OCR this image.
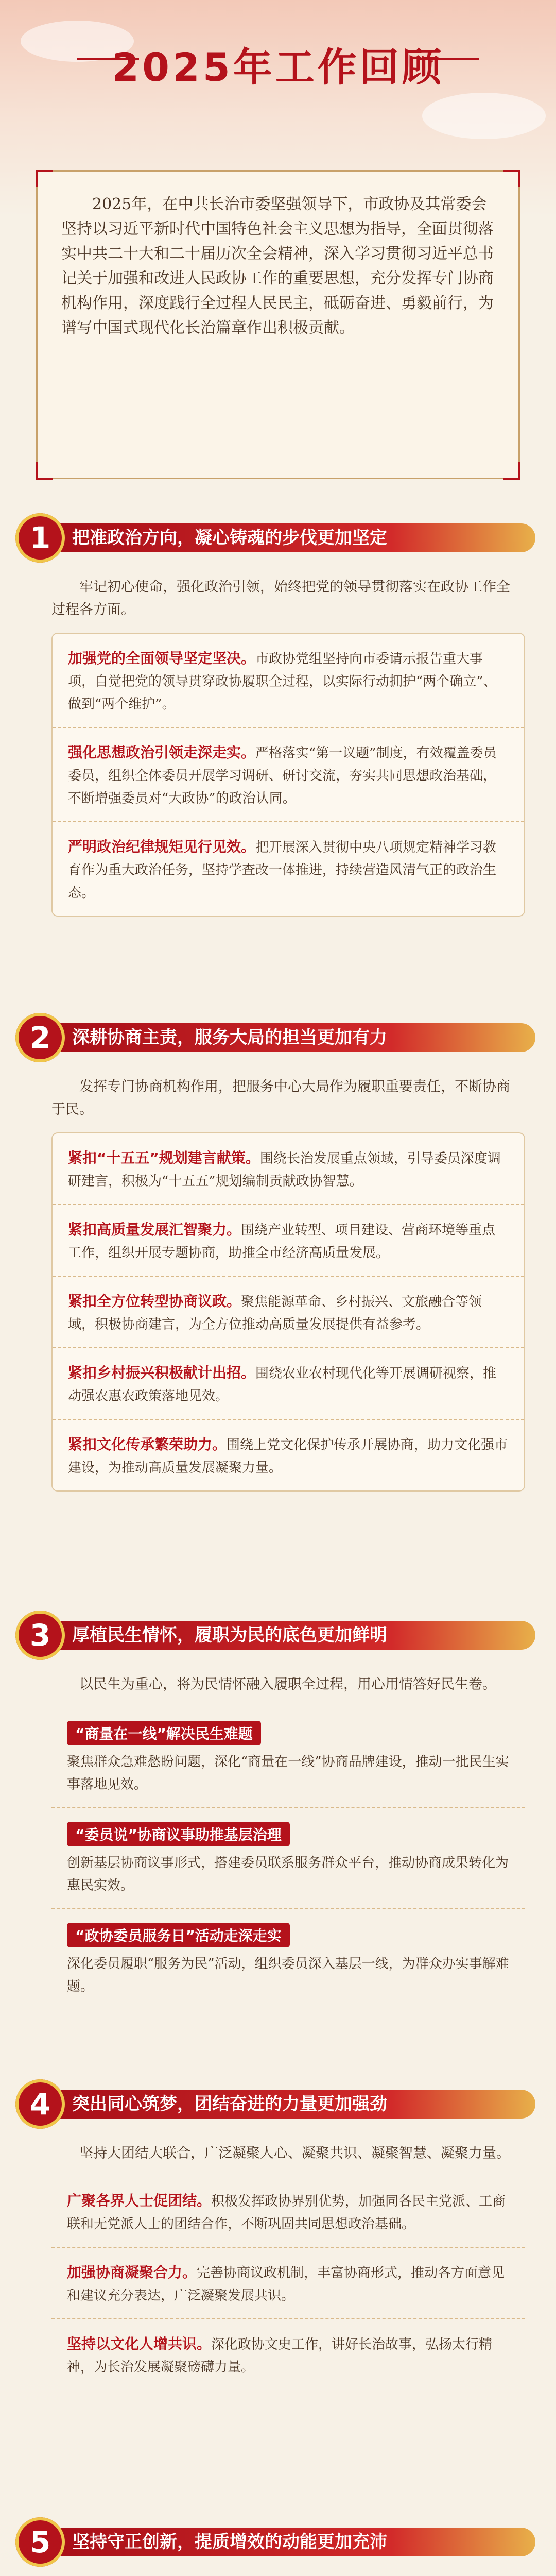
2025年工作回顾

2025年，在中共长治市委坚强领导下，市政协及其常委会坚持以习近平新时代中国特色社会主义思想为指导，全面贯彻落实中共二十大和二十届历次全会精神，深入学习贯彻习近平总书记关于加强和改进人民政协工作的重要思想，充分发挥专门协商机构作用，深度践行全过程人民民主，砥砺奋进、勇毅前行，为谱写中国式现代化长治篇章作出积极贡献。

1	把准政治方向，凝心铸魂的步伐更加坚定

牢记初心使命，强化政治引领，始终把党的领导贯彻落实在政协工作全过程各方面。

加强党的全面领导坚定坚决。市政协党组坚持向市委请示报告重大事项，自觉把党的领导贯穿政协履职全过程，以实际行动拥护“两个确立”、做到“两个维护”。
强化思想政治引领走深走实。严格落实“第一议题”制度，有效覆盖委员委员，组织全体委员开展学习调研、研讨交流，夯实共同思想政治基础，不断增强委员对“大政协”的政治认同。
严明政治纪律规矩见行见效。把开展深入贯彻中央八项规定精神学习教育作为重大政治任务，坚持学查改一体推进，持续营造风清气正的政治生态。
2	深耕协商主责，服务大局的担当更加有力

发挥专门协商机构作用，把服务中心大局作为履职重要责任，不断协商于民。

紧扣“十五五”规划建言献策。围绕长治发展重点领域，引导委员深度调研建言，积极为“十五五”规划编制贡献政协智慧。
紧扣高质量发展汇智聚力。围绕产业转型、项目建设、营商环境等重点工作，组织开展专题协商，助推全市经济高质量发展。
紧扣全方位转型协商议政。聚焦能源革命、乡村振兴、文旅融合等领域，积极协商建言，为全方位推动高质量发展提供有益参考。
紧扣乡村振兴积极献计出招。围绕农业农村现代化等开展调研视察，推动强农惠农政策落地见效。
紧扣文化传承繁荣助力。围绕上党文化保护传承开展协商，助力文化强市建设，为推动高质量发展凝聚力量。
3	厚植民生情怀，履职为民的底色更加鲜明

以民生为重心，将为民情怀融入履职全过程，用心用情答好民生卷。

“商量在一线”解决民生难题
聚焦群众急难愁盼问题，深化“商量在一线”协商品牌建设，推动一批民生实事落地见效。
“委员说”协商议事助推基层治理
创新基层协商议事形式，搭建委员联系服务群众平台，推动协商成果转化为惠民实效。
“政协委员服务日”活动走深走实
深化委员履职“服务为民”活动，组织委员深入基层一线，为群众办实事解难题。
4	突出同心筑梦，团结奋进的力量更加强劲

坚持大团结大联合，广泛凝聚人心、凝聚共识、凝聚智慧、凝聚力量。

广聚各界人士促团结。积极发挥政协界别优势，加强同各民主党派、工商联和无党派人士的团结合作，不断巩固共同思想政治基础。
加强协商凝聚合力。完善协商议政机制，丰富协商形式，推动各方面意见和建议充分表达，广泛凝聚发展共识。
坚持以文化人增共识。深化政协文史工作，讲好长治故事，弘扬太行精神，为长治发展凝聚磅礴力量。
5	坚持守正创新，提质增效的动能更加充沛
